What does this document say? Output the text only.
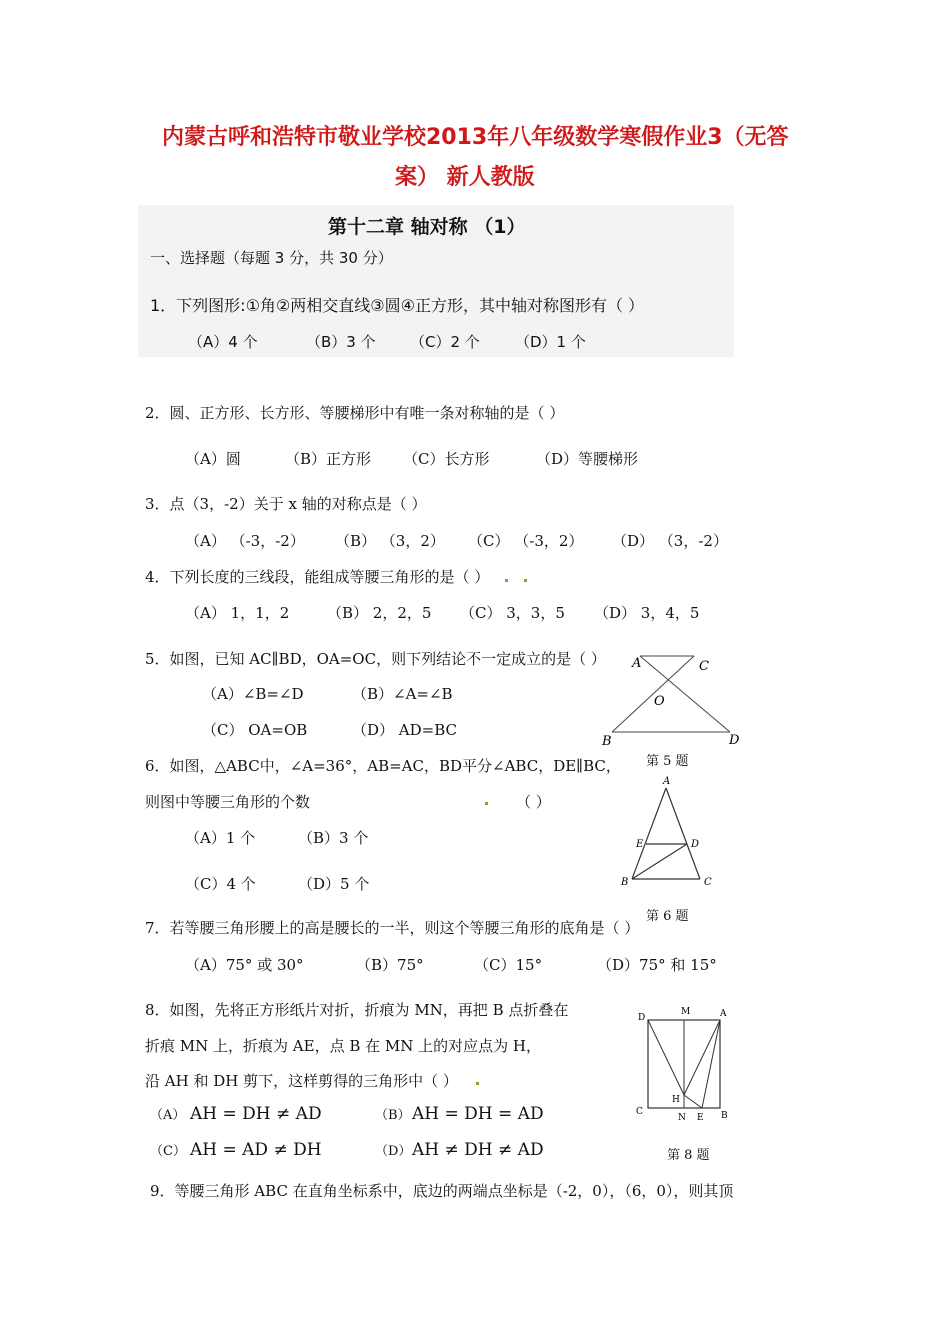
内蒙古呼和浩特市敬业学校2013年八年级数学寒假作业3（无答
案） 新人教版
第十二章 轴对称 （1）
一、选择题（每题 3 分，共 30 分）
1．下列图形:①角②两相交直线③圆④正方形，其中轴对称图形有（ ）
（A）4 个	（B）3 个 （C）2 个 （D）1 个
2．圆、正方形、长方形、等腰梯形中有唯一条对称轴的是（ ）
（A）圆	（B）正方形 （C）长方形	（D）等腰梯形
3．点（3，-2）关于 x 轴的对称点是（ ）
（A） （-3，-2） （B） （3，2） （C） （-3，2） （D） （3，-2）
4．下列长度的三线段，能组成等腰三角形的是（ ）
（A） 1，1，2	（B） 2，2，5 （C） 3，3，5 （D） 3，4，5
5．如图，已知 AC∥BD，OA=OC，则下列结论不一定成立的是（ ）
（A）∠B=∠D	（B）∠A=∠B
（C） OA=OB	（D） AD=BC
A	C
O
B	D
第 5 题
6．如图，△ABC中，∠A=36°，AB=AC，BD平分∠ABC，DE∥BC，
则图中等腰三角形的个数	（ ）
（A）1 个	（B）3 个
（C）4 个	（D）5 个
A
E	D
B	C
第 6 题
7．若等腰三角形腰上的高是腰长的一半，则这个等腰三角形的底角是（ ）
（A）75° 或 30°	（B）75°	（C）15°	（D）75° 和 15°
8．如图，先将正方形纸片对折，折痕为 MN，再把 B 点折叠在
折痕 MN 上，折痕为 AE，点 B 在 MN 上的对应点为 H，
沿 AH 和 DH 剪下，这样剪得的三角形中（ ）
（A） AH = DH ≠ AD	（B） AH = DH = AD
（C） AH = AD ≠ DH	（D） AH ≠ DH ≠ AD
D
M	A
C
H
N E B
第 8 题
9．等腰三角形 ABC 在直角坐标系中，底边的两端点坐标是（-2，0），（6，0），则其顶
